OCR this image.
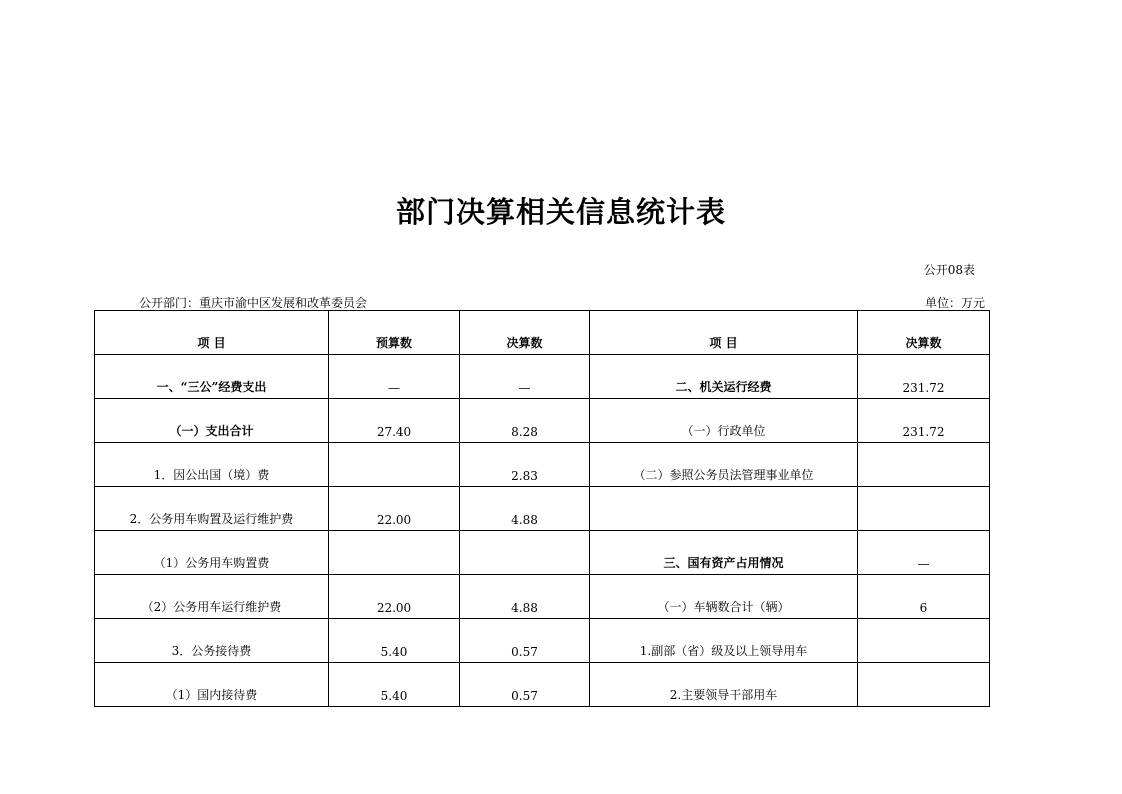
部门决算相关信息统计表
公开08表
公开部门：重庆市渝中区发展和改革委员会	单位：万元
项 目	预算数	决算数	项 目	决算数
一、“三公”经费支出	—	—	二、机关运行经费	231.72
（一）支出合计	27.40	8.28	（一）行政单位	231.72
1．因公出国（境）费		2.83	（二）参照公务员法管理事业单位	
2．公务用车购置及运行维护费	22.00	4.88		
（1）公务用车购置费			三、国有资产占用情况	—
（2）公务用车运行维护费	22.00	4.88	（一）车辆数合计（辆）	6
3．公务接待费	5.40	0.57	1.副部（省）级及以上领导用车	
（1）国内接待费	5.40	0.57	2.主要领导干部用车	
